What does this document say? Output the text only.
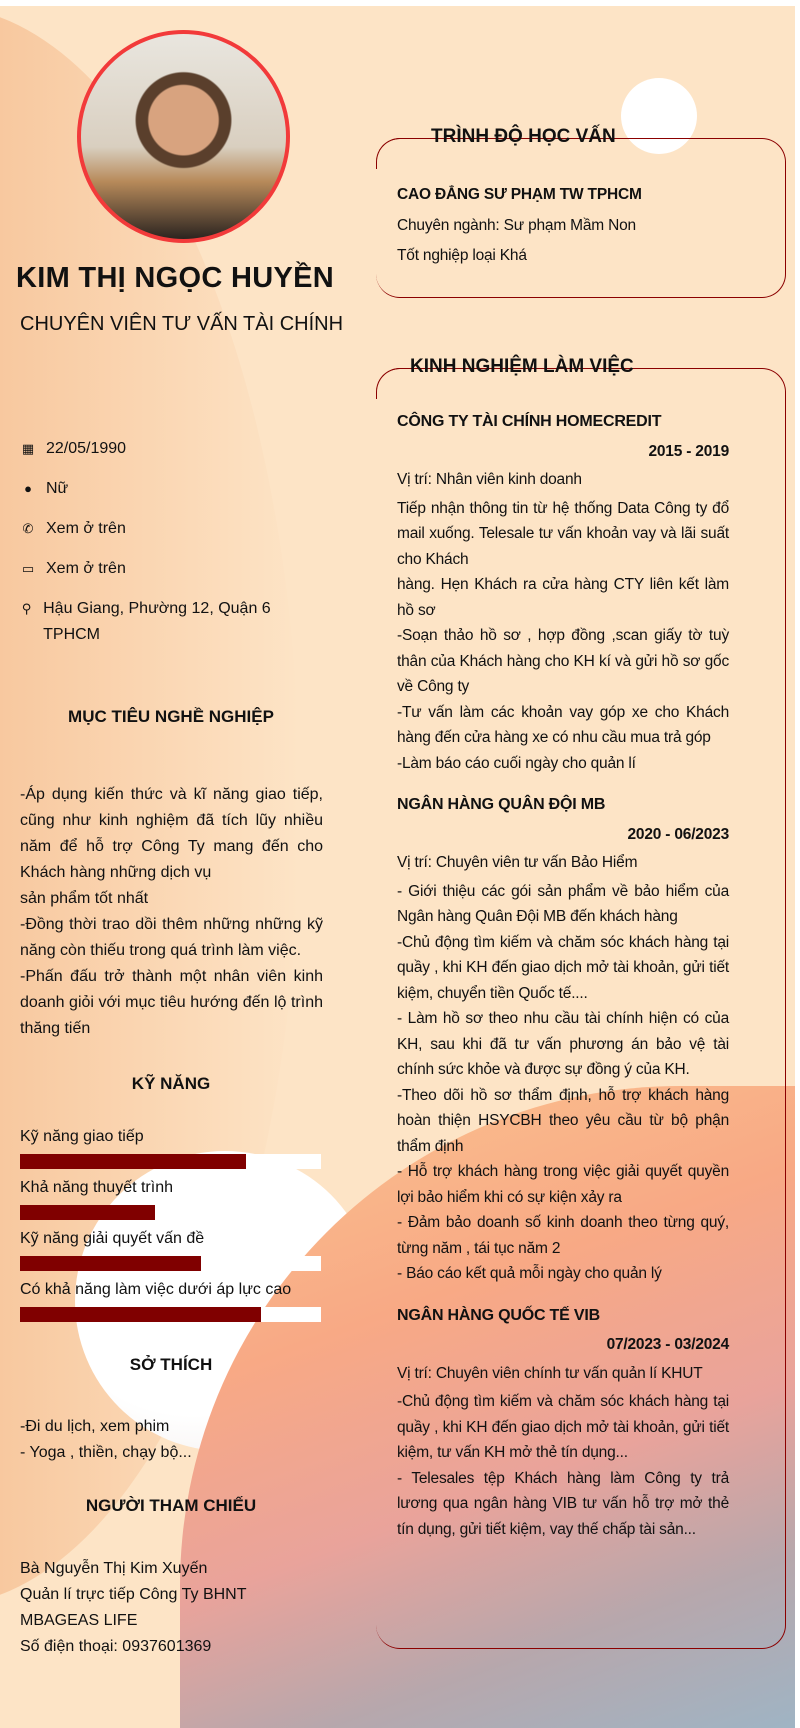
KIM THỊ NGỌC HUYỀN
CHUYÊN VIÊN TƯ VẤN TÀI CHÍNH
▦ 22/05/1990
● Nữ
✆ Xem ở trên
▭ Xem ở trên
⚲ Hậu Giang, Phường 12, Quận 6 TPHCM
MỤC TIÊU NGHỀ NGHIỆP

-Áp dụng kiến thức và kĩ năng giao tiếp, cũng như kinh nghiệm đã tích lũy nhiều năm để hỗ trợ Công Ty mang đến cho Khách hàng những dịch vụ

sản phẩm tốt nhất

-Đồng thời trao dồi thêm những những kỹ năng còn thiếu trong quá trình làm việc.

-Phấn đấu trở thành một nhân viên kinh doanh giỏi với mục tiêu hướng đến lộ trình thăng tiến

KỸ NĂNG
Kỹ năng giao tiếp
Khả năng thuyết trình
Kỹ năng giải quyết vấn đề
Có khả năng làm việc dưới áp lực cao
SỞ THÍCH

-Đi du lịch, xem phim

- Yoga , thiền, chạy bộ...

NGƯỜI THAM CHIẾU

Bà Nguyễn Thị Kim Xuyến

Quản lí trực tiếp Công Ty BHNT MBAGEAS LIFE

Số điện thoại: 0937601369

TRÌNH ĐỘ HỌC VẤN
CAO ĐẲNG SƯ PHẠM TW TPHCM
Chuyên ngành: Sư phạm Mầm Non
Tốt nghiệp loại Khá
KINH NGHIỆM LÀM VIỆC
CÔNG TY TÀI CHÍNH HOMECREDIT
2015 - 2019
Vị trí: Nhân viên kinh doanh

Tiếp nhận thông tin từ hệ thống Data Công ty đổ mail xuống. Telesale tư vấn khoản vay và lãi suất cho Khách

hàng. Hẹn Khách ra cửa hàng CTY liên kết làm hồ sơ

-Soạn thảo hồ sơ , hợp đồng ,scan giấy tờ tuỳ thân của Khách hàng cho KH kí và gửi hồ sơ gốc về Công ty

-Tư vấn làm các khoản vay góp xe cho Khách hàng đến cửa hàng xe có nhu cầu mua trả góp

-Làm báo cáo cuối ngày cho quản lí

NGÂN HÀNG QUÂN ĐỘI MB
2020 - 06/2023
Vị trí: Chuyên viên tư vấn Bảo Hiểm

- Giới thiệu các gói sản phẩm về bảo hiểm của Ngân hàng Quân Đội MB đến khách hàng

-Chủ động tìm kiếm và chăm sóc khách hàng tại quầy , khi KH đến giao dịch mở tài khoản, gửi tiết kiệm, chuyển tiền Quốc tế....

- Làm hồ sơ theo nhu cầu tài chính hiện có của KH, sau khi đã tư vấn phương án bảo vệ tài chính sức khỏe và được sự đồng ý của KH.

-Theo dõi hồ sơ thẩm định, hỗ trợ khách hàng hoàn thiện HSYCBH theo yêu cầu từ bộ phận thẩm định

- Hỗ trợ khách hàng trong việc giải quyết quyền lợi bảo hiểm khi có sự kiện xảy ra

- Đảm bảo doanh số kinh doanh theo từng quý, từng năm , tái tục năm 2

- Báo cáo kết quả mỗi ngày cho quản lý

NGÂN HÀNG QUỐC TẾ VIB
07/2023 - 03/2024
Vị trí: Chuyên viên chính tư vấn quản lí KHUT

-Chủ động tìm kiếm và chăm sóc khách hàng tại quầy , khi KH đến giao dịch mở tài khoản, gửi tiết kiệm, tư vấn KH mở thẻ tín dụng...

- Telesales tệp Khách hàng làm Công ty trả lương qua ngân hàng VIB tư vấn hỗ trợ mở thẻ tín dụng, gửi tiết kiệm, vay thế chấp tài sản...
